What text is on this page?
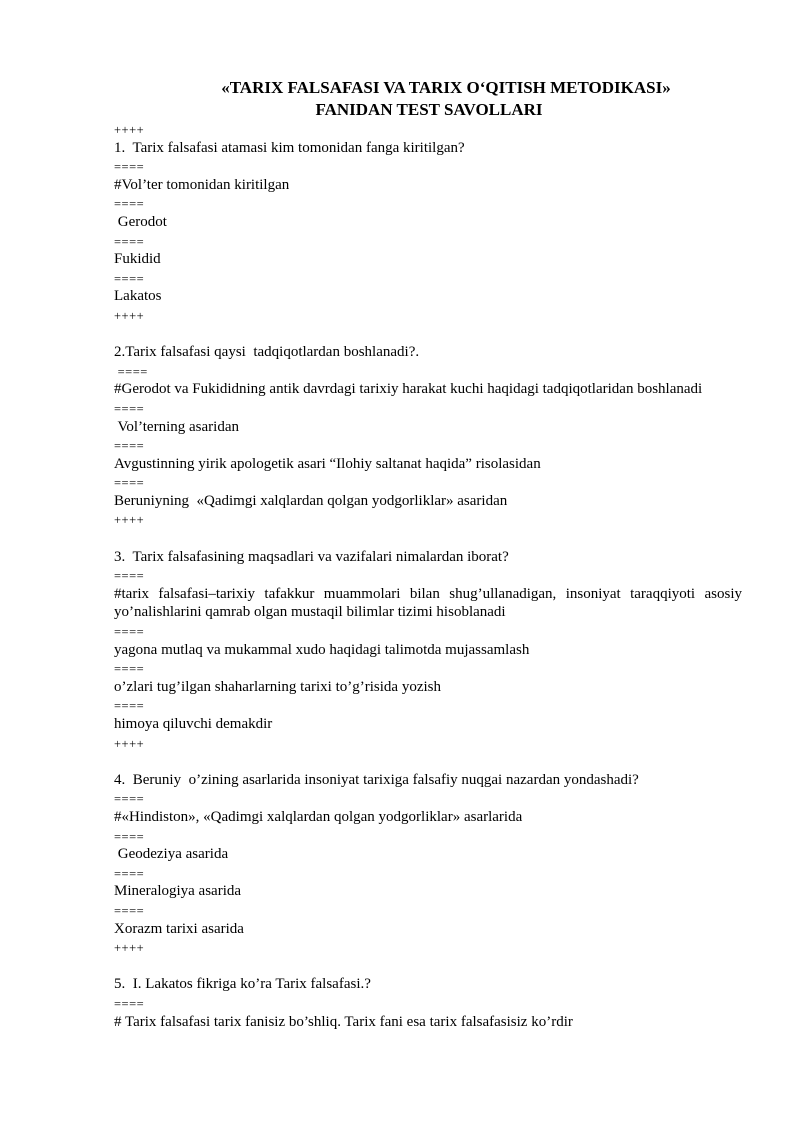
«TARIX FALSAFASI VA TARIX O‘QITISH METODIKASI»
FANIDAN TEST SAVOLLARI
++++
1.  Tarix falsafasi atamasi kim tomonidan fanga kiritilgan?
====
#Vol’ter tomonidan kiritilgan
====
Gerodot
====
Fukidid
====
Lakatos
++++
2.Tarix falsafasi qaysi  tadqiqotlardan boshlanadi?.
====
#Gerodot va Fukididning antik davrdagi tarixiy harakat kuchi haqidagi tadqiqotlaridan boshlanadi
====
Vol’terning asaridan
====
Avgustinning yirik apologetik asari “Ilohiy saltanat haqida” risolasidan
====
Beruniyning  «Qadimgi xalqlardan qolgan yodgorliklar» asaridan
++++
3.  Tarix falsafasining maqsadlari va vazifalari nimalardan iborat?
====
#tarix falsafasi–tarixiy tafakkur muammolari bilan shug’ullanadigan, insoniyat taraqqiyoti asosiy yo’nalishlarini qamrab olgan mustaqil bilimlar tizimi hisoblanadi
====
yagona mutlaq va mukammal xudo haqidagi talimotda mujassamlash
====
o’zlari tug’ilgan shaharlarning tarixi to’g’risida yozish
====
himoya qiluvchi demakdir
++++
4.  Beruniy  o’zining asarlarida insoniyat tarixiga falsafiy nuqgai nazardan yondashadi?
====
#«Hindiston», «Qadimgi xalqlardan qolgan yodgorliklar» asarlarida
====
Geodeziya asarida
====
Mineralogiya asarida
====
Xorazm tarixi asarida
++++
5.  I. Lakatos fikriga ko’ra Tarix falsafasi.?
====
# Tarix falsafasi tarix fanisiz bo’shliq. Tarix fani esa tarix falsafasisiz ko’rdir
